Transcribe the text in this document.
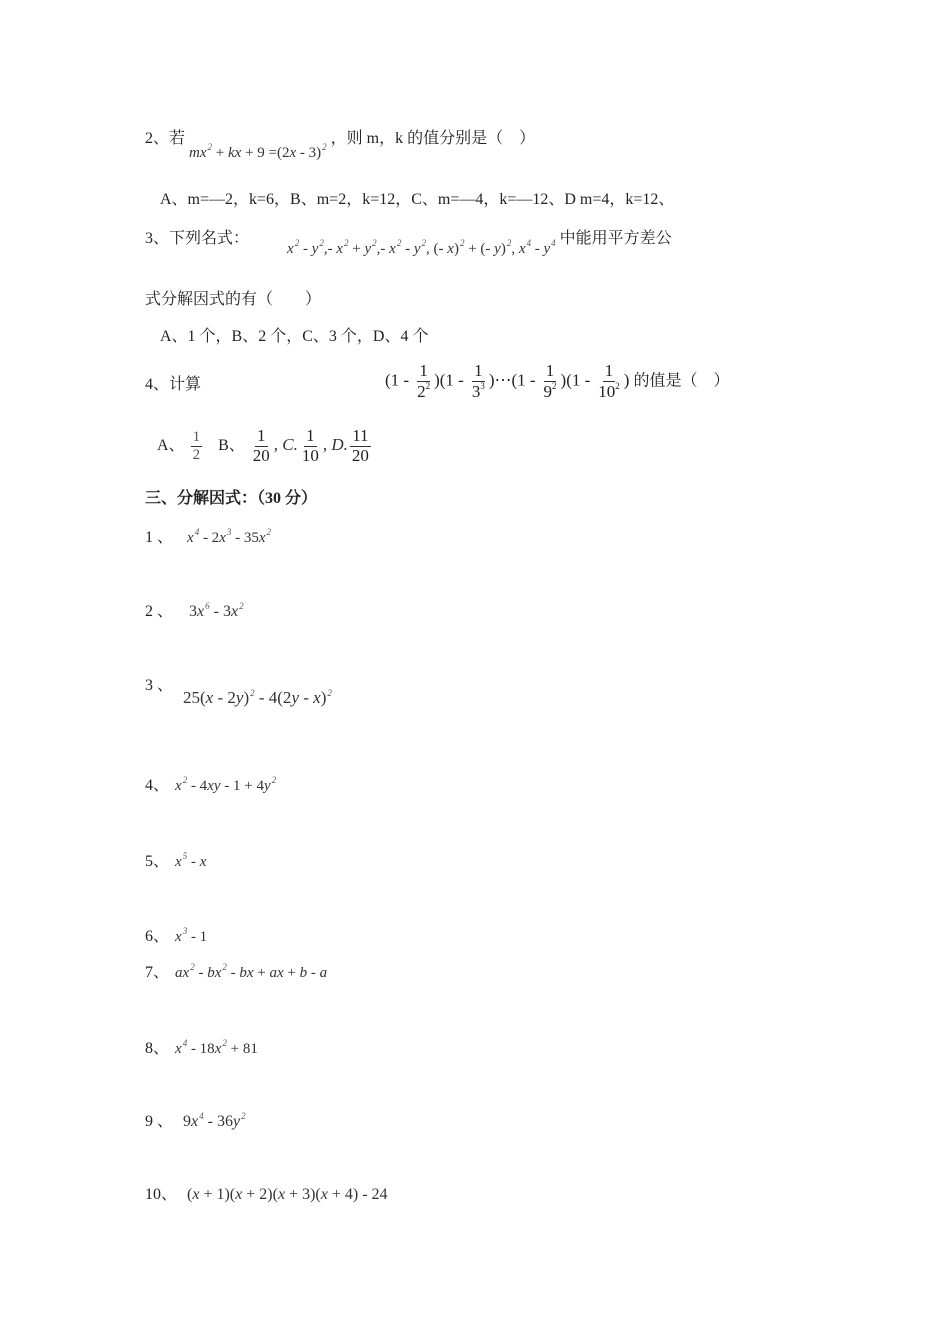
2、若 $mx^2$ + kx + 9 =(2x - 3)$^2$ ，则 m，k 的值分别是（　）
A、m=—2，k=6，B、m=2，k=12，C、m=—4，k=—12、D m=4，k=12、
3、下列名式： $x^2 - y^2,-$ $x^2 + y^2,-$ $x^2 - y^2$, (- x)$^2$ + (- y)$^2$, $x^4 - y^4$ 中能用平方差公
式分解因式的有（　　）
A、1 个，B、2 个，C、3 个，D、4 个
4、计算	$(1 - \frac{1}{2^2} )(1 - \frac{1}{3^3}$ )⋯(1 - $\frac{1}{9^2} )(1 - \frac{1}{10^2}$ ) 的值是（　）
A、 $\frac{1}{2}$ B、 $\frac{1}{20}$ , C. $\frac{1}{10}$ , D. $\frac{11}{20}$
三、分解因式：（30 分）
1 、 $x^4 - 2x^3 - 35x^2$
2 、 $3x^6 - 3x^2$
3 、
25(x - 2y)$^2$ - 4(2y - x)$^2$
4、 $x^2 - 4xy - 1 + 4y^2$
5、 $x^5$ - x
6、 $x^3 - 1$
7、 $ax^2 - bx^2$ - bx + ax + b - a
8、 $x^4 - 18x^2 + 81$
9 、 $9x^4 - 36y^2$
10、 (x + 1)(x + 2)(x + 3)(x + 4) - 24
